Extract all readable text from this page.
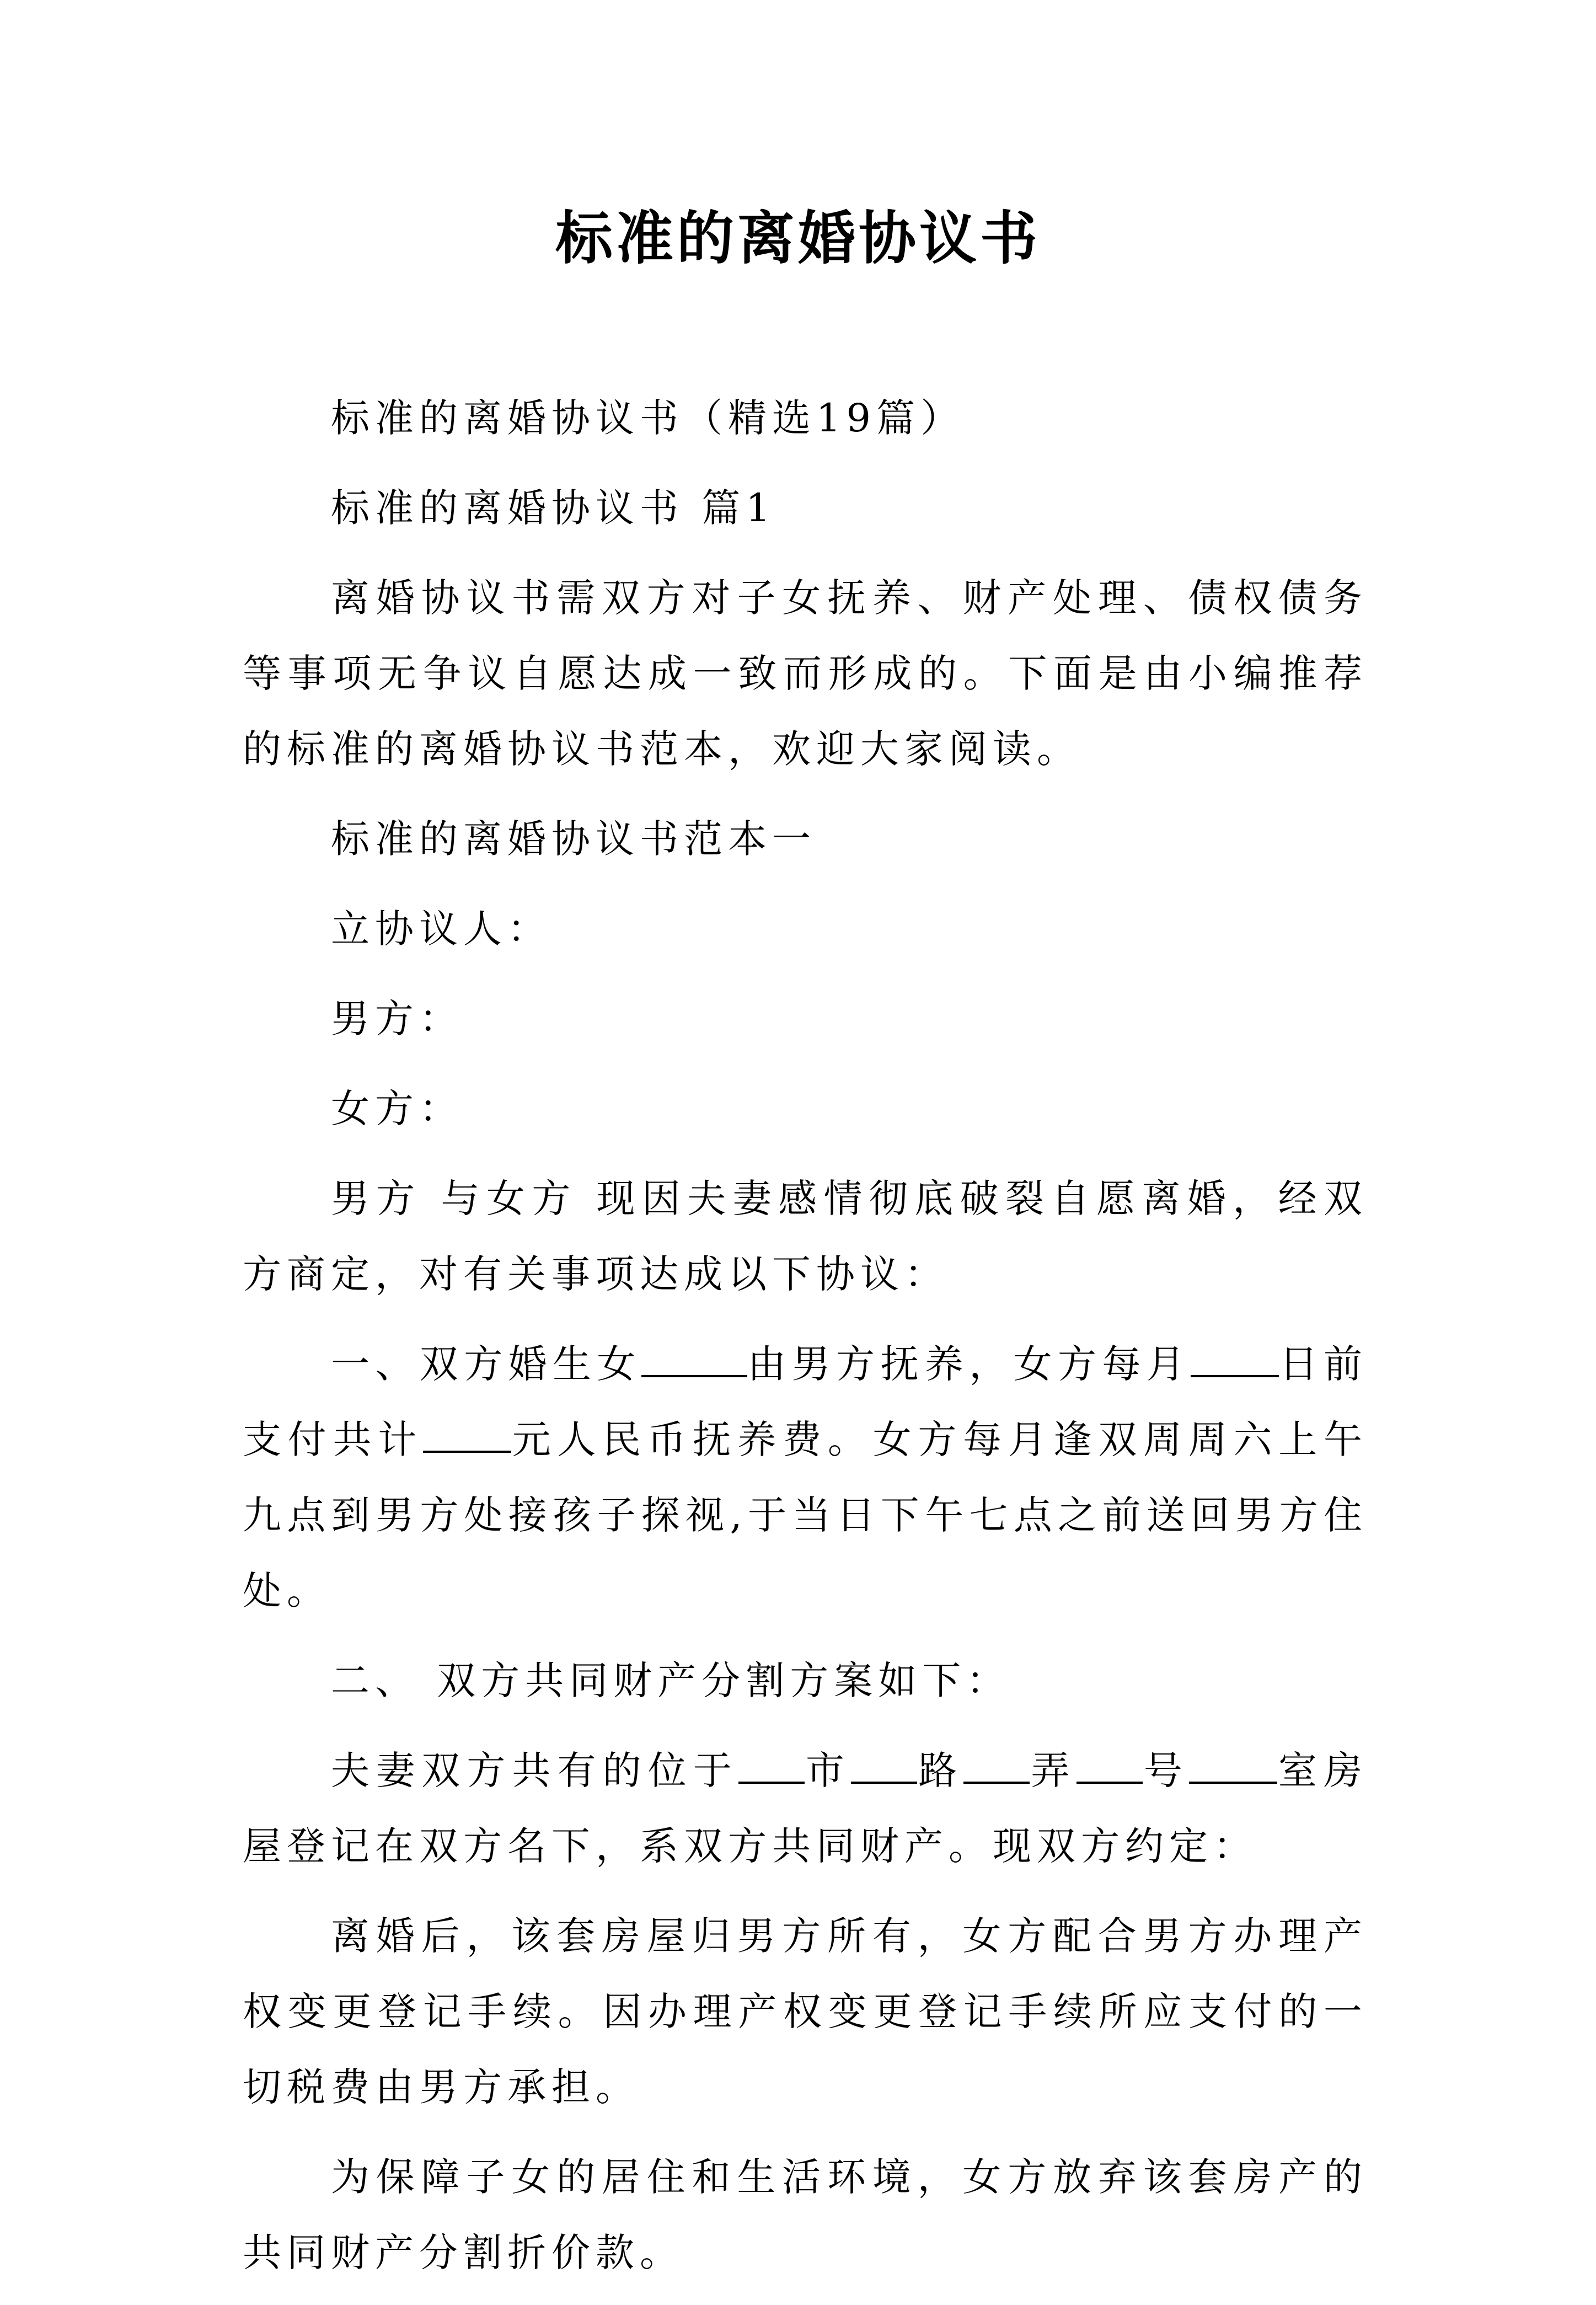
标准的离婚协议书

标准的离婚协议书（精选19篇）

标准的离婚协议书 篇1

离婚协议书需双方对子女抚养、财产处理、债权债务等事项无争议自愿达成一致而形成的。下面是由小编推荐的标准的离婚协议书范本，欢迎大家阅读。

标准的离婚协议书范本一

立协议人：

男方：

女方：

男方 与女方 现因夫妻感情彻底破裂自愿离婚，经双方商定，对有关事项达成以下协议：

一、双方婚生女	由男方抚养，女方每月 日前支付共计 元人民币抚养费。女方每月逢双周周六上午九点到男方处接孩子探视,于当日下午七点之前送回男方住处。

二、 双方共同财产分割方案如下：

夫妻双方共有的位于 市 路 弄 号 室房屋登记在双方名下，系双方共同财产。现双方约定：

离婚后，该套房屋归男方所有，女方配合男方办理产权变更登记手续。因办理产权变更登记手续所应支付的一切税费由男方承担。

为保障子女的居住和生活环境，女方放弃该套房产的共同财产分割折价款。
